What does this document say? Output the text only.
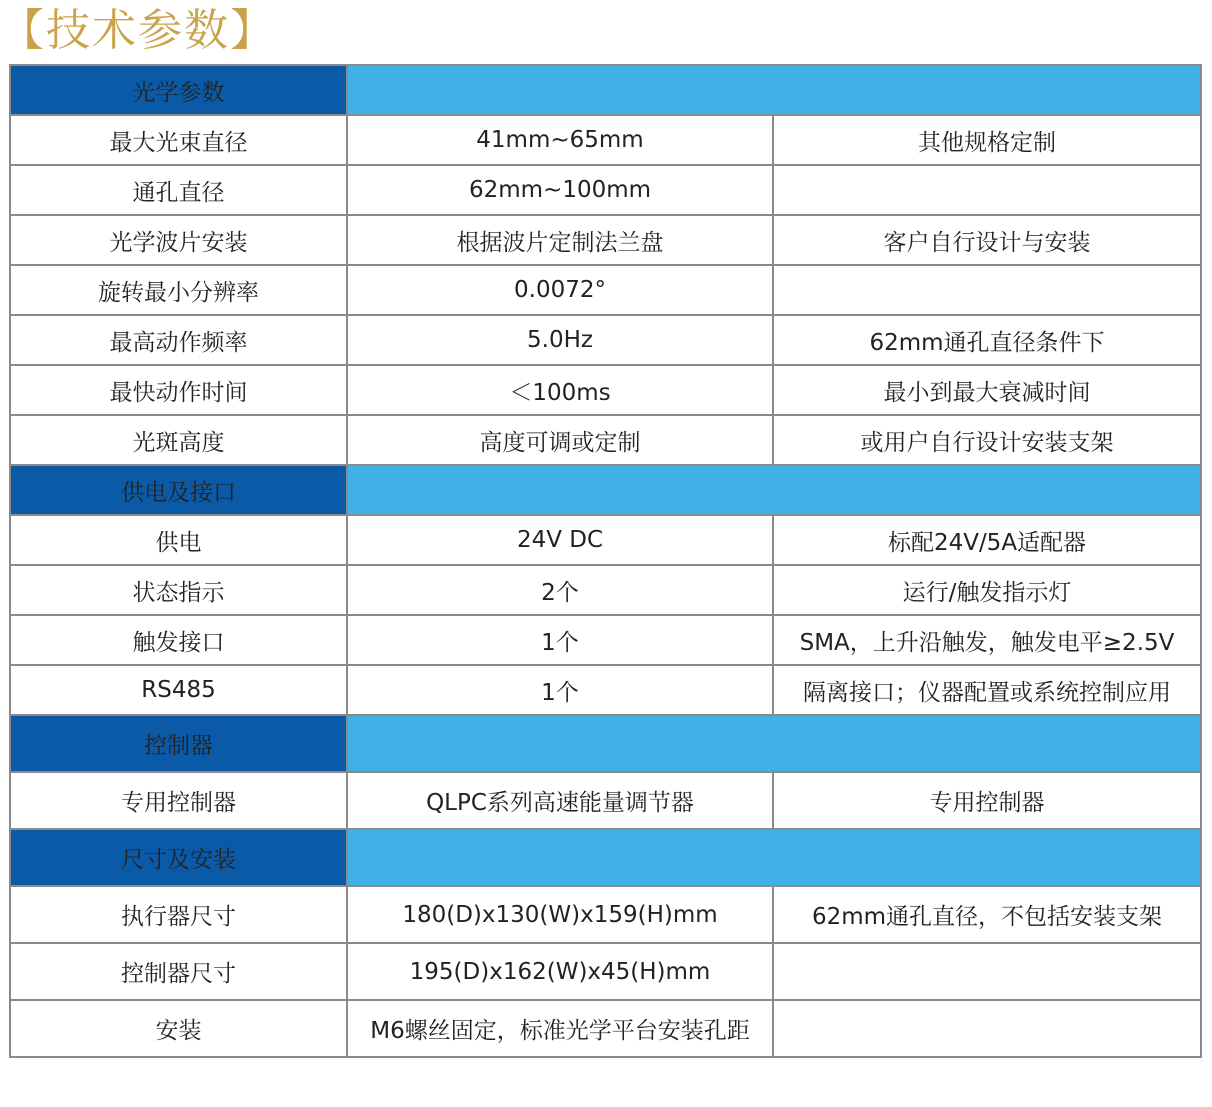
【技术参数】
光学参数		
最大光束直径	41mm~65mm	其他规格定制
通孔直径	62mm~100mm	
光学波片安装	根据波片定制法兰盘	客户自行设计与安装
旋转最小分辨率	0.0072°	
最高动作频率	5.0Hz	62mm通孔直径条件下
最快动作时间	＜100ms	最小到最大衰减时间
光斑高度	高度可调或定制	或用户自行设计安装支架
供电及接口		
供电	24V DC	标配24V/5A适配器
状态指示	2个	运行/触发指示灯
触发接口	1个	SMA，上升沿触发，触发电平≥2.5V
RS485	1个	隔离接口；仪器配置或系统控制应用
控制器		
专用控制器	QLPC系列高速能量调节器	专用控制器
尺寸及安装		
执行器尺寸	180(D)x130(W)x159(H)mm	62mm通孔直径，不包括安装支架
控制器尺寸	195(D)x162(W)x45(H)mm	
安装	M6螺丝固定，标准光学平台安装孔距	
